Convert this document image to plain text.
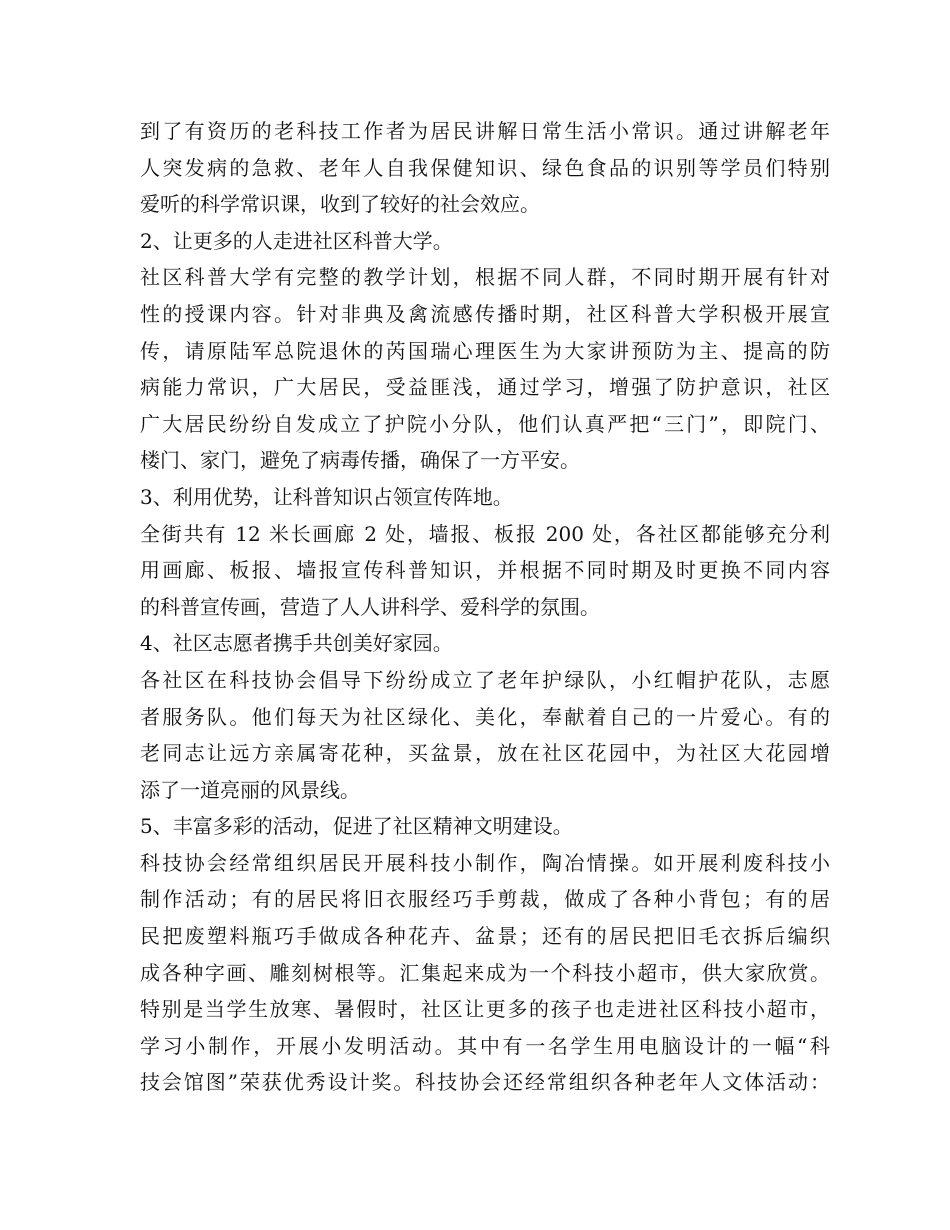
到了有资历的老科技工作者为居民讲解日常生活小常识。通过讲解老年
人突发病的急救、老年人自我保健知识、绿色食品的识别等学员们特别
爱听的科学常识课，收到了较好的社会效应。
2、让更多的人走进社区科普大学。
社区科普大学有完整的教学计划，根据不同人群，不同时期开展有针对
性的授课内容。针对非典及禽流感传播时期，社区科普大学积极开展宣
传，请原陆军总院退休的芮国瑞心理医生为大家讲预防为主、提高的防
病能力常识，广大居民，受益匪浅，通过学习，增强了防护意识，社区
广大居民纷纷自发成立了护院小分队，他们认真严把“三门”，即院门、
楼门、家门，避免了病毒传播，确保了一方平安。
3、利用优势，让科普知识占领宣传阵地。
全街共有 12 米长画廊 2 处，墙报、板报 200 处，各社区都能够充分利
用画廊、板报、墙报宣传科普知识，并根据不同时期及时更换不同内容
的科普宣传画，营造了人人讲科学、爱科学的氛围。
4、社区志愿者携手共创美好家园。
各社区在科技协会倡导下纷纷成立了老年护绿队，小红帽护花队，志愿
者服务队。他们每天为社区绿化、美化，奉献着自己的一片爱心。有的
老同志让远方亲属寄花种，买盆景，放在社区花园中，为社区大花园增
添了一道亮丽的风景线。
5、丰富多彩的活动，促进了社区精神文明建设。
科技协会经常组织居民开展科技小制作，陶冶情操。如开展利废科技小
制作活动；有的居民将旧衣服经巧手剪裁，做成了各种小背包；有的居
民把废塑料瓶巧手做成各种花卉、盆景；还有的居民把旧毛衣拆后编织
成各种字画、雕刻树根等。汇集起来成为一个科技小超市，供大家欣赏。
特别是当学生放寒、暑假时，社区让更多的孩子也走进社区科技小超市，
学习小制作，开展小发明活动。其中有一名学生用电脑设计的一幅“科
技会馆图”荣获优秀设计奖。科技协会还经常组织各种老年人文体活动：
